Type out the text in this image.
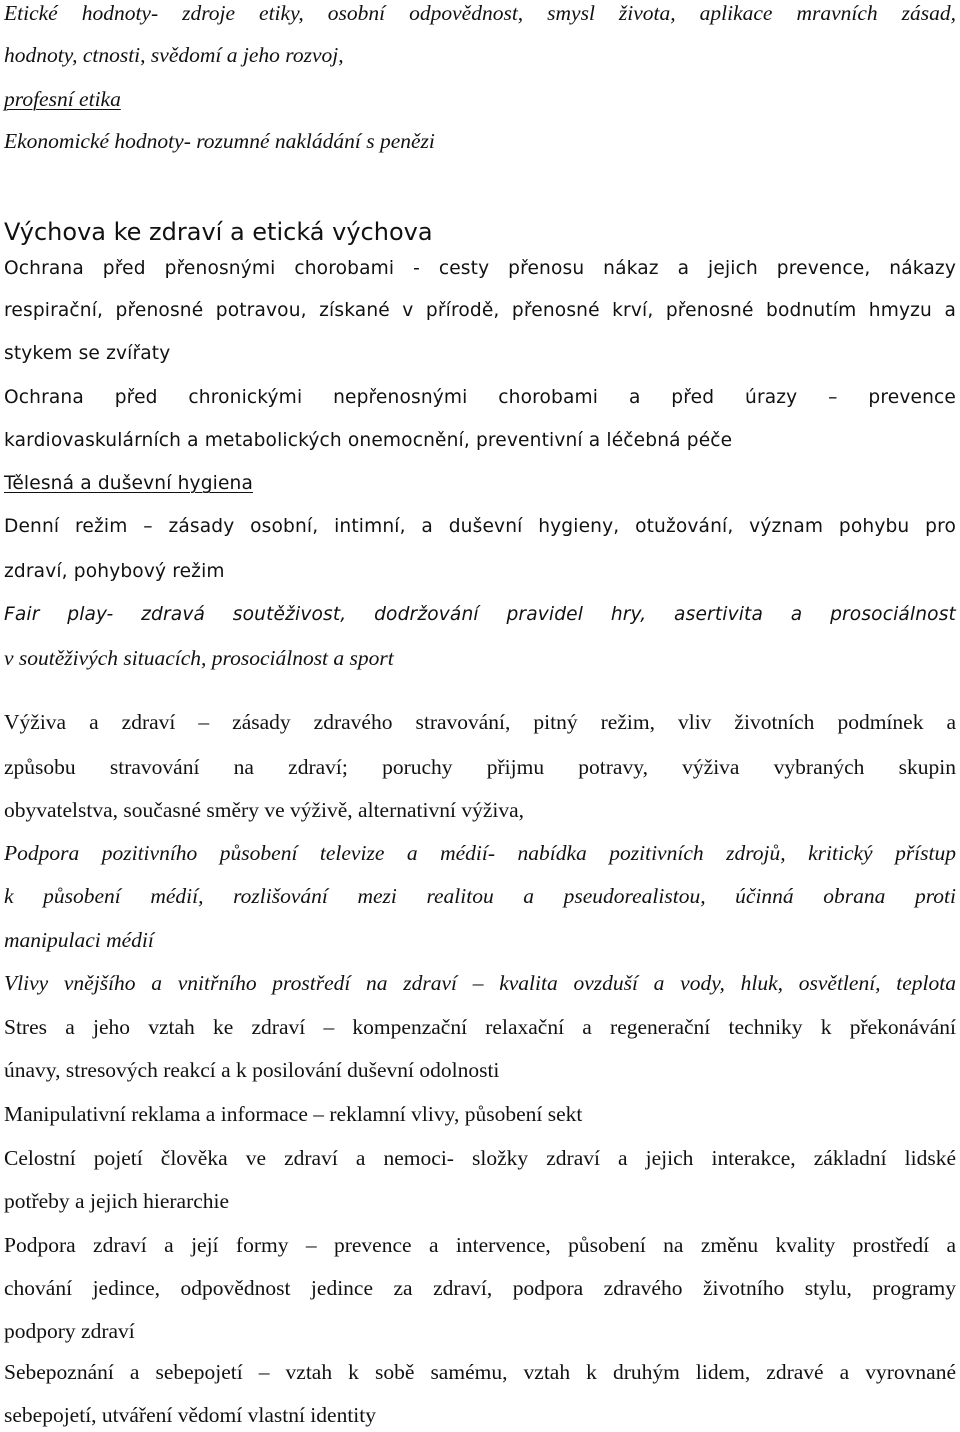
Etické hodnoty- zdroje etiky, osobní odpovědnost, smysl života, aplikace mravních zásad,
hodnoty, ctnosti, svědomí a jeho rozvoj,
profesní etika
Ekonomické hodnoty- rozumné nakládání s penězi
Výchova ke zdraví a etická výchova
Ochrana před přenosnými chorobami - cesty přenosu nákaz a jejich prevence, nákazy
respirační, přenosné potravou, získané v přírodě, přenosné krví, přenosné bodnutím hmyzu a
stykem se zvířaty
Ochrana před chronickými nepřenosnými chorobami a před úrazy – prevence
kardiovaskulárních a metabolických onemocnění, preventivní a léčebná péče
Tělesná a duševní hygiena
Denní režim – zásady osobní, intimní, a duševní hygieny, otužování, význam pohybu pro
zdraví, pohybový režim
Fair play- zdravá soutěživost, dodržování pravidel hry, asertivita a prosociálnost
v soutěživých situacích, prosociálnost a sport
Výživa a zdraví – zásady zdravého stravování, pitný režim, vliv životních podmínek a
způsobu stravování na zdraví; poruchy přijmu potravy, výživa vybraných skupin
obyvatelstva, současné směry ve výživě, alternativní výživa,
Podpora pozitivního působení televize a médií- nabídka pozitivních zdrojů, kritický přístup
k působení médií, rozlišování mezi realitou a pseudorealistou, účinná obrana proti
manipulaci médií
Vlivy vnějšího a vnitřního prostředí na zdraví – kvalita ovzduší a vody, hluk, osvětlení, teplota
Stres a jeho vztah ke zdraví – kompenzační relaxační a regenerační techniky k překonávání
únavy, stresových reakcí a k posilování duševní odolnosti
Manipulativní reklama a informace – reklamní vlivy, působení sekt
Celostní pojetí člověka ve zdraví a nemoci- složky zdraví a jejich interakce, základní lidské
potřeby a jejich hierarchie
Podpora zdraví a její formy – prevence a intervence, působení na změnu kvality prostředí a
chování jedince, odpovědnost jedince za zdraví, podpora zdravého životního stylu, programy
podpory zdraví
Sebepoznání a sebepojetí – vztah k sobě samému, vztah k druhým lidem, zdravé a vyrovnané
sebepojetí, utváření vědomí vlastní identity
